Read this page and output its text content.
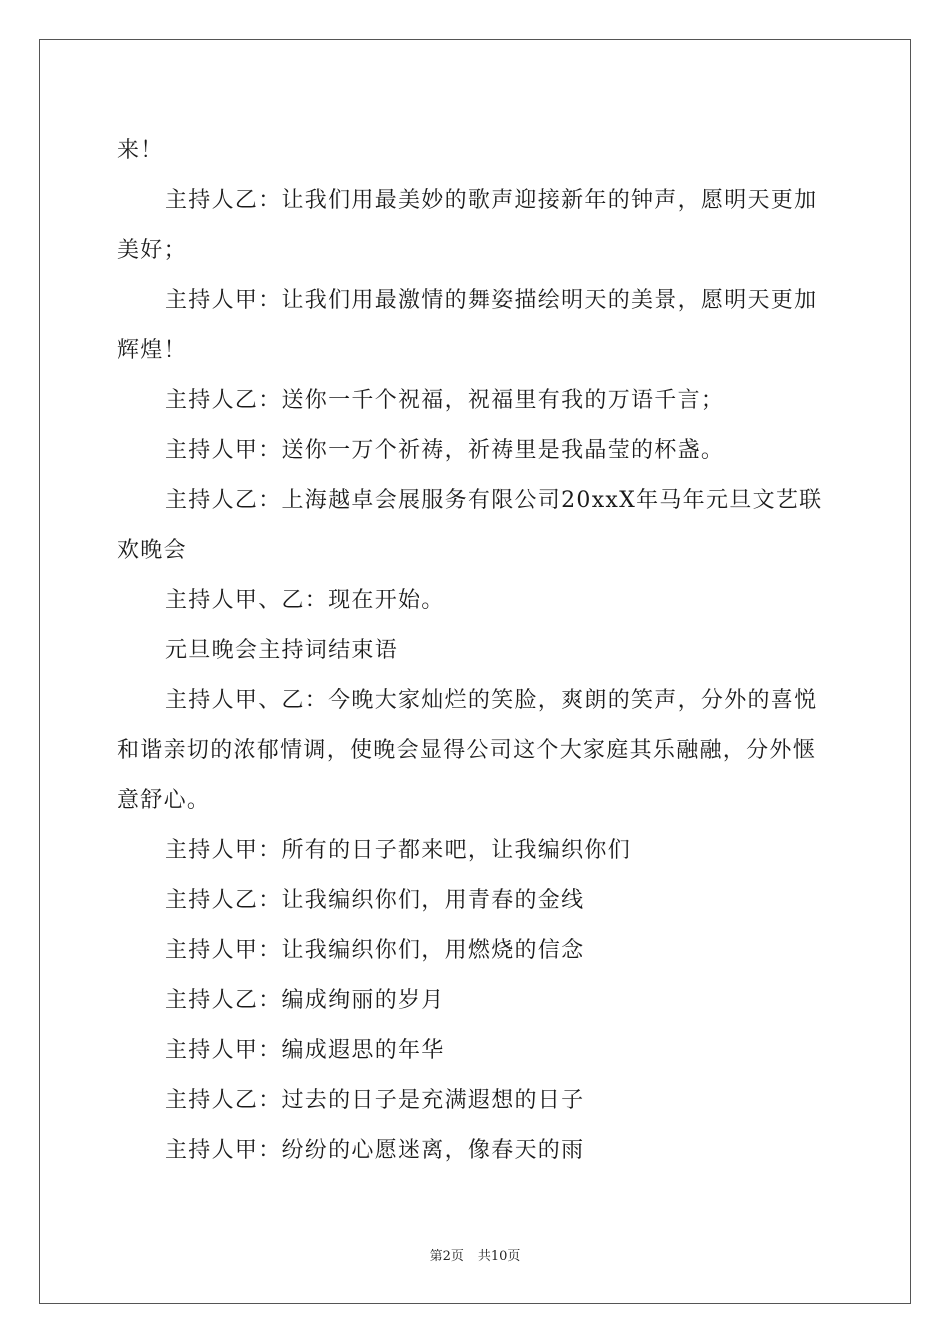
来！

主持人乙：让我们用最美妙的歌声迎接新年的钟声，愿明天更加美好；

主持人甲：让我们用最激情的舞姿描绘明天的美景，愿明天更加辉煌！

主持人乙：送你一千个祝福，祝福里有我的万语千言；

主持人甲：送你一万个祈祷，祈祷里是我晶莹的杯盏。

主持人乙：上海越卓会展服务有限公司20xxX年马年元旦文艺联欢晚会

主持人甲、乙：现在开始。

元旦晚会主持词结束语

主持人甲、乙：今晚大家灿烂的笑脸，爽朗的笑声，分外的喜悦和谐亲切的浓郁情调，使晚会显得公司这个大家庭其乐融融，分外惬意舒心。

主持人甲：所有的日子都来吧，让我编织你们

主持人乙：让我编织你们，用青春的金线

主持人甲：让我编织你们，用燃烧的信念

主持人乙：编成绚丽的岁月

主持人甲：编成遐思的年华

主持人乙：过去的日子是充满遐想的日子

主持人甲：纷纷的心愿迷离，像春天的雨

第2页 共10页
